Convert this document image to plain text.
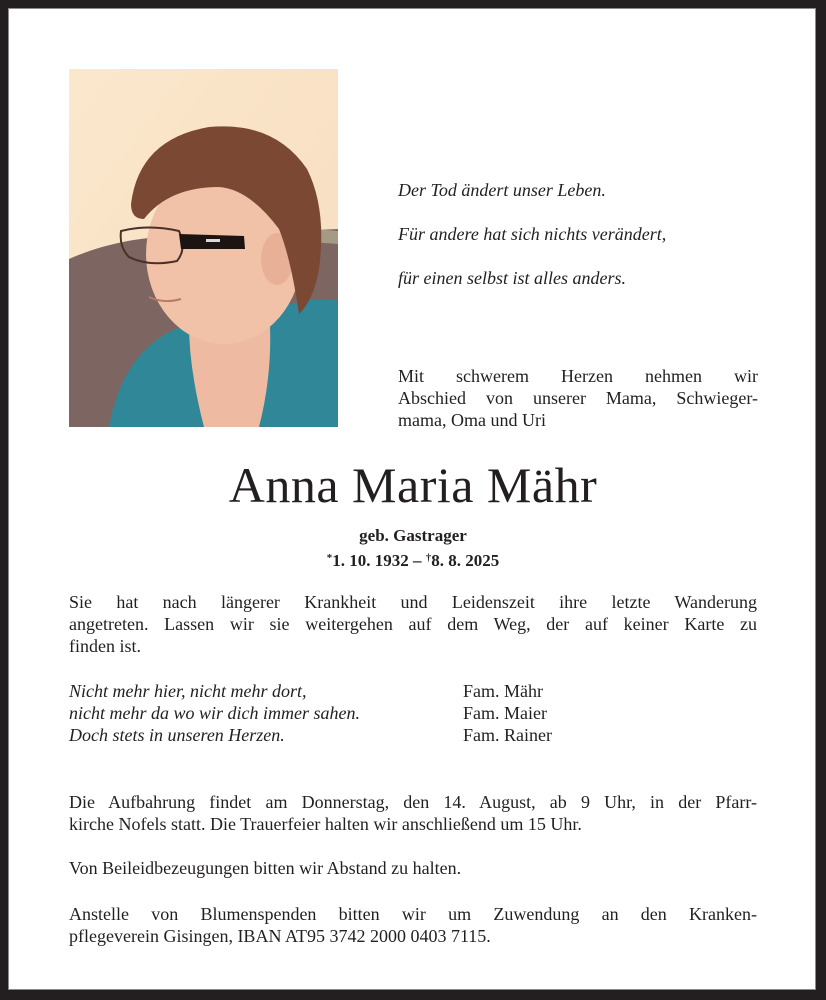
Der Tod ändert unser Leben.

Für andere hat sich nichts verändert,

für einen selbst ist alles anders.

Mit schwerem Herzen nehmen wir
Abschied von unserer Mama, Schwieger-
mama, Oma und Uri
Anna Maria Mähr
geb. Gastrager
*1. 10. 1932 – †8. 8. 2025
Sie hat nach längerer Krankheit und Leidenszeit ihre letzte Wanderung
angetreten. Lassen wir sie weitergehen auf dem Weg, der auf keiner Karte zu
finden ist.
Nicht mehr hier, nicht mehr dort,
nicht mehr da wo wir dich immer sahen.
Doch stets in unseren Herzen.
Fam. Mähr
Fam. Maier
Fam. Rainer
Die Aufbahrung findet am Donnerstag, den 14. August, ab 9 Uhr, in der Pfarr-
kirche Nofels statt. Die Trauerfeier halten wir anschließend um 15 Uhr.
Von Beileidbezeugungen bitten wir Abstand zu halten.
Anstelle von Blumenspenden bitten wir um Zuwendung an den Kranken-
pflegeverein Gisingen, IBAN AT95 3742 2000 0403 7115.
